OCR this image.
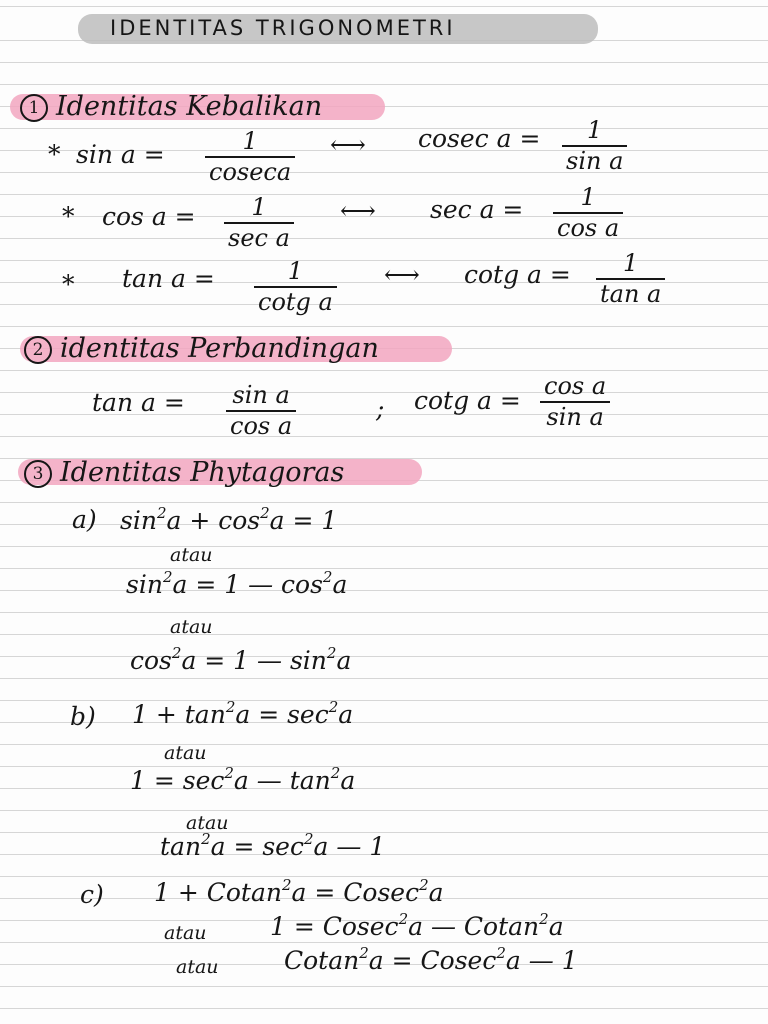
IDENTITAS TRIGONOMETRI
1 Identitas Kebalikan
* sin a =	1
coseca
⟷ cosec a = 1
sin a
* cos a = 1
sec a
⟷ sec a = 1
cos a
* tan a =	1
cotg a
⟷ cotg a = 1
tan a
2 identitas Perbandingan
tan a = sin a
cos a
; cotg a = cos a
sin a
3 Identitas Phytagoras
a) $\sin^2a + \cos^2a = 1$
atau
$\sin^2a = 1$ — $\cos^2a$
atau
$\cos^2a = 1$ — $\sin^2a$
b) $1 + \tan^2a = \sec^2a$
atau
$1 = \sec^2a$ — $\tan^2a$
atau
$\tan^2a = \sec^2a$ — 1
c) 1 + Cotan$^2$a = Cosec$^2$a
atau	1 = Cosec$^2$a — Cotan$^2$a
atau	Cotan$^2$a = Cosec$^2$a — 1
